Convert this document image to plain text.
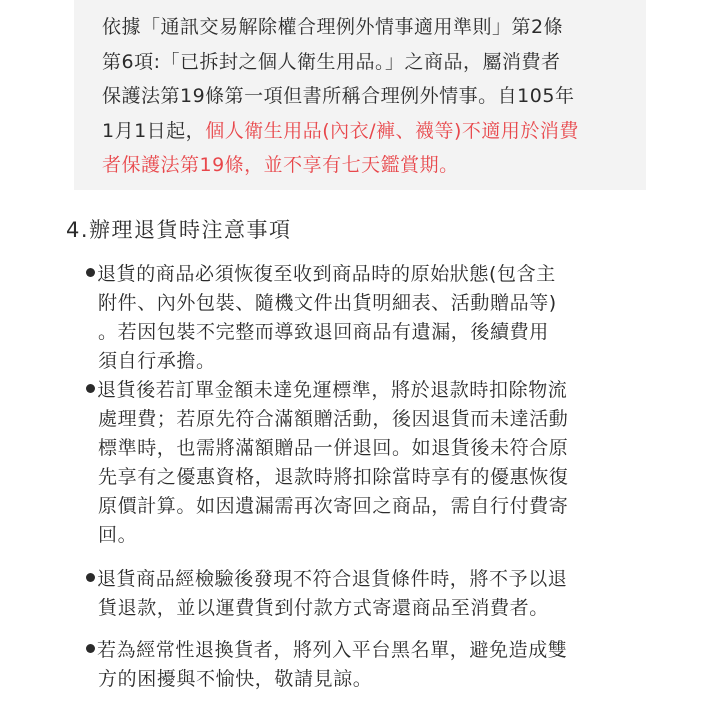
依據「通訊交易解除權合理例外情事適用準則」第2條
第6項:「已拆封之個人衛生用品。」之商品，屬消費者
保護法第19條第一項但書所稱合理例外情事。自105年
1月1日起，個人衛生用品(內衣/褲、襪等)不適用於消費
者保護法第19條，並不享有七天鑑賞期。
4.辦理退貨時注意事項
退貨的商品必須恢復至收到商品時的原始狀態(包含主
附件、內外包裝、隨機文件出貨明細表、活動贈品等)
。若因包裝不完整而導致退回商品有遺漏，後續費用
須自行承擔。
退貨後若訂單金額未達免運標準，將於退款時扣除物流
處理費；若原先符合滿額贈活動，後因退貨而未達活動
標準時，也需將滿額贈品一併退回。如退貨後未符合原
先享有之優惠資格，退款時將扣除當時享有的優惠恢復
原價計算。如因遺漏需再次寄回之商品，需自行付費寄
回。
退貨商品經檢驗後發現不符合退貨條件時，將不予以退
貨退款，並以運費貨到付款方式寄還商品至消費者。
若為經常性退換貨者，將列入平台黑名單，避免造成雙
方的困擾與不愉快，敬請見諒。
